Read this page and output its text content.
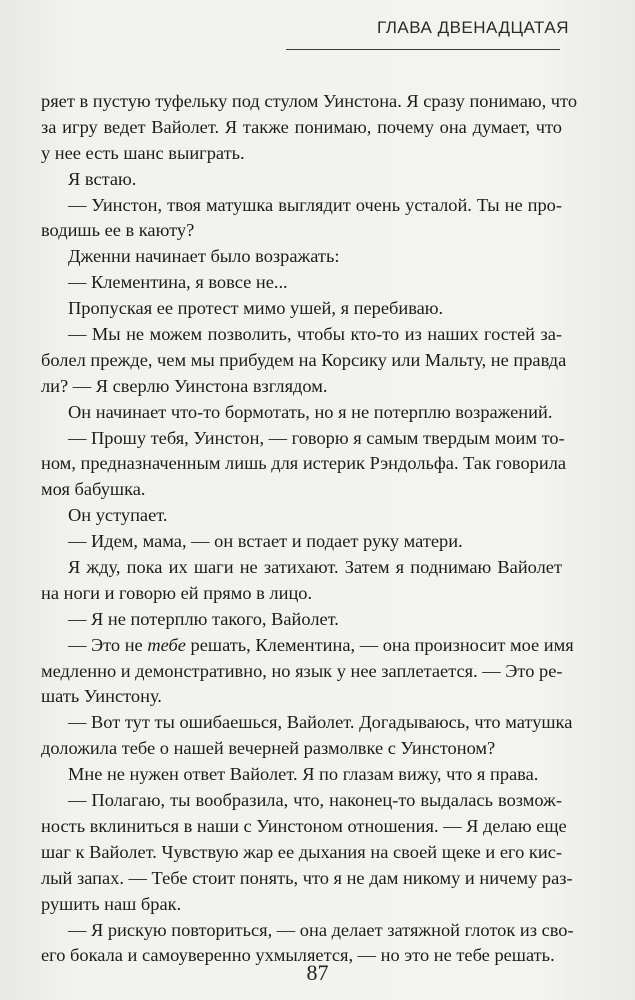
ГЛАВА ДВЕНАДЦАТАЯ
ряет в пустую туфельку под стулом Уинстона. Я сразу понимаю, что
за игру ведет Вайолет. Я также понимаю, почему она думает, что
у нее есть шанс выиграть.
Я встаю.
— Уинстон, твоя матушка выглядит очень усталой. Ты не про-
водишь ее в каюту?
Дженни начинает было возражать:
— Клементина, я вовсе не...
Пропуская ее протест мимо ушей, я перебиваю.
— Мы не можем позволить, чтобы кто-то из наших гостей за-
болел прежде, чем мы прибудем на Корсику или Мальту, не правда
ли? — Я сверлю Уинстона взглядом.
Он начинает что-то бормотать, но я не потерплю возражений.
— Прошу тебя, Уинстон, — говорю я самым твердым моим то-
ном, предназначенным лишь для истерик Рэндольфа. Так говорила
моя бабушка.
Он уступает.
— Идем, мама, — он встает и подает руку матери.
Я жду, пока их шаги не затихают. Затем я поднимаю Вайолет
на ноги и говорю ей прямо в лицо.
— Я не потерплю такого, Вайолет.
— Это не тебе решать, Клементина, — она произносит мое имя
медленно и демонстративно, но язык у нее заплетается. — Это ре-
шать Уинстону.
— Вот тут ты ошибаешься, Вайолет. Догадываюсь, что матушка
доложила тебе о нашей вечерней размолвке с Уинстоном?
Мне не нужен ответ Вайолет. Я по глазам вижу, что я права.
— Полагаю, ты вообразила, что, наконец-то выдалась возмож-
ность вклиниться в наши с Уинстоном отношения. — Я делаю еще
шаг к Вайолет. Чувствую жар ее дыхания на своей щеке и его кис-
лый запах. — Тебе стоит понять, что я не дам никому и ничему раз-
рушить наш брак.
— Я рискую повториться, — она делает затяжной глоток из сво-
его бокала и самоуверенно ухмыляется, — но это не тебе решать.
87
